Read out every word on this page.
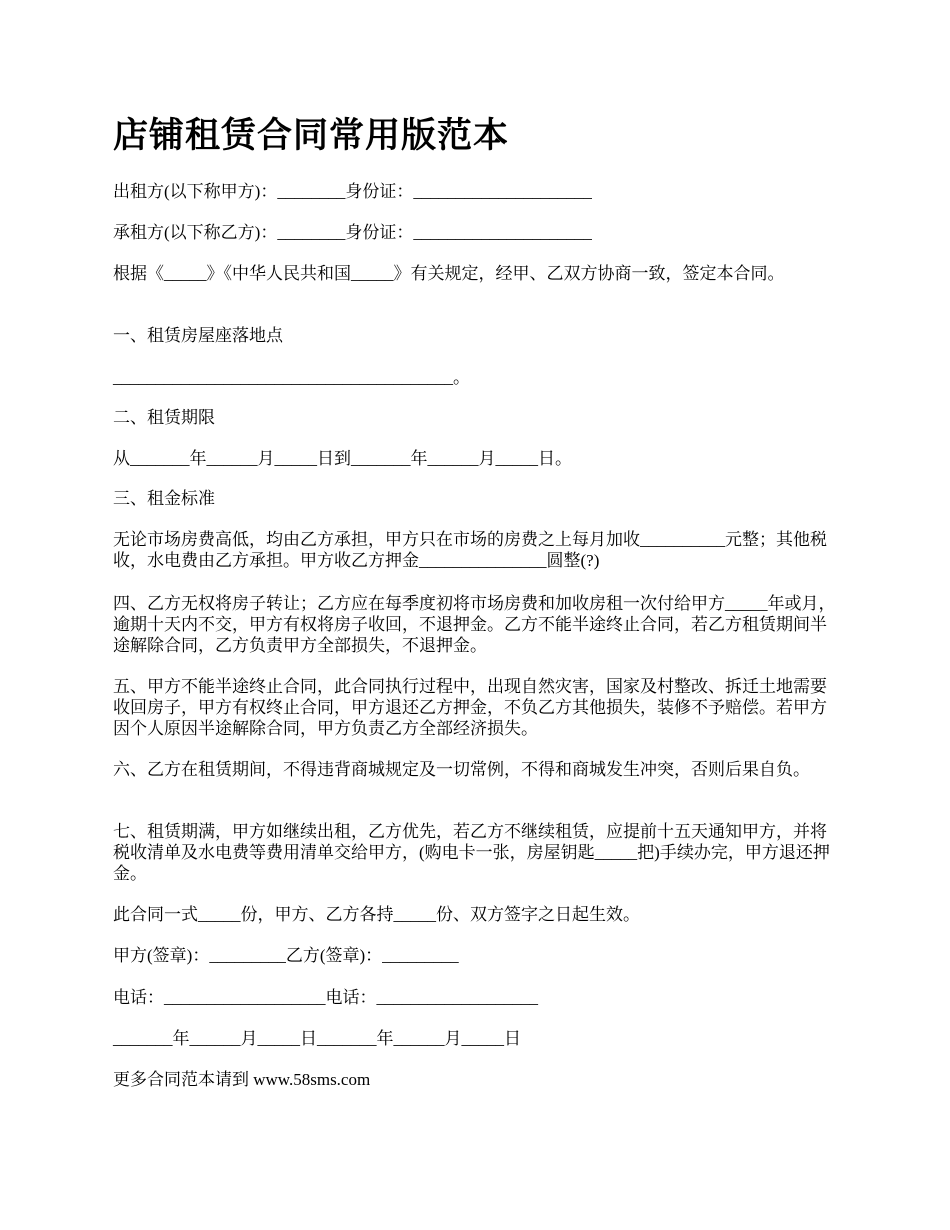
店铺租赁合同常用版范本

出租方(以下称甲方)：________身份证：_____________________

承租方(以下称乙方)：________身份证：_____________________

根据《_____》《中华人民共和国_____》有关规定，经甲、乙双方协商一致，签定本合同。

一、租赁房屋座落地点

________________________________________。

二、租赁期限

从_______年______月_____日到_______年______月_____日。

三、租金标准

无论市场房费高低，均由乙方承担，甲方只在市场的房费之上每月加收__________元整；其他税收，水电费由乙方承担。甲方收乙方押金_______________圆整(?)

四、乙方无权将房子转让；乙方应在每季度初将市场房费和加收房租一次付给甲方_____年或月，逾期十天内不交，甲方有权将房子收回，不退押金。乙方不能半途终止合同，若乙方租赁期间半途解除合同，乙方负责甲方全部损失，不退押金。

五、甲方不能半途终止合同，此合同执行过程中，出现自然灾害，国家及村整改、拆迁土地需要收回房子，甲方有权终止合同，甲方退还乙方押金，不负乙方其他损失，装修不予赔偿。若甲方因个人原因半途解除合同，甲方负责乙方全部经济损失。

六、乙方在租赁期间，不得违背商城规定及一切常例，不得和商城发生冲突，否则后果自负。

七、租赁期满，甲方如继续出租，乙方优先，若乙方不继续租赁，应提前十五天通知甲方，并将税收清单及水电费等费用清单交给甲方，(购电卡一张，房屋钥匙_____把)手续办完，甲方退还押金。

此合同一式_____份，甲方、乙方各持_____份、双方签字之日起生效。

甲方(签章)：_________乙方(签章)：_________

电话：___________________电话：___________________

_______年______月_____日_______年______月_____日

更多合同范本请到 www.58sms.com
